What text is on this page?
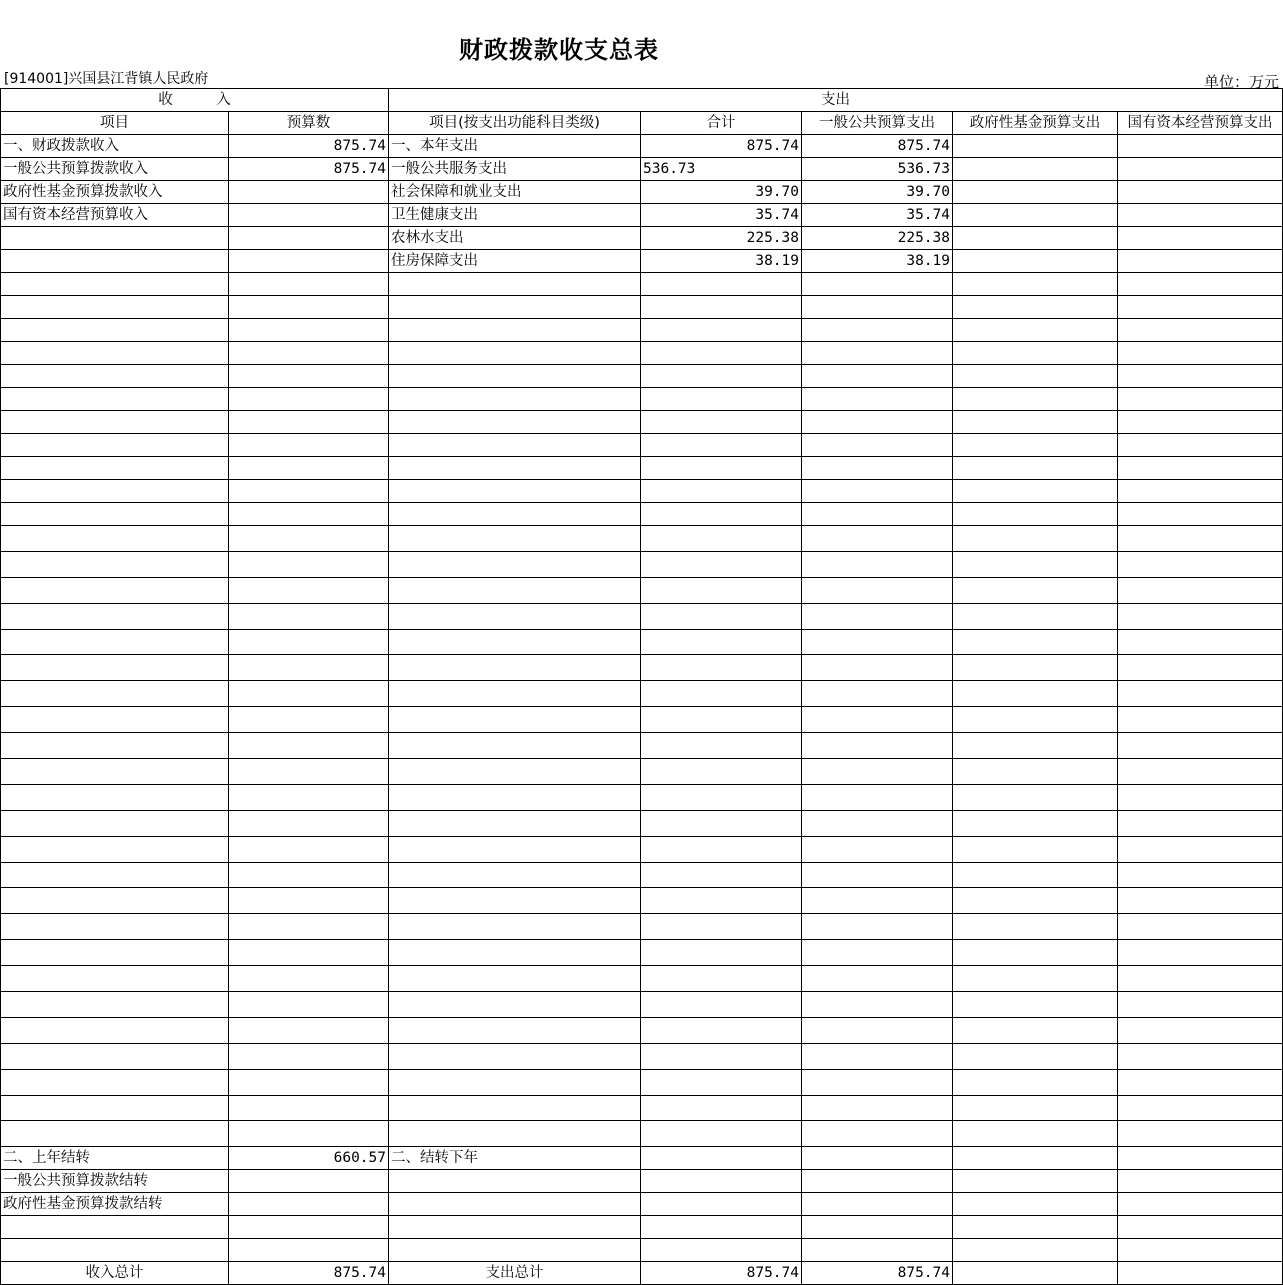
财政拨款收支总表
[914001]兴国县江背镇人民政府	单位：万元
收　　　入		支出				
项目	预算数	项目(按支出功能科目类级)	合计	一般公共预算支出	政府性基金预算支出	国有资本经营预算支出
一、财政拨款收入	875.74	一、本年支出	875.74	875.74		
一般公共预算拨款收入	875.74	一般公共服务支出	536.73	536.73		
政府性基金预算拨款收入		社会保障和就业支出	39.70	39.70		
国有资本经营预算收入		卫生健康支出	35.74	35.74		
		农林水支出	225.38	225.38		
		住房保障支出	38.19	38.19		

二、上年结转	660.57	二、结转下年				
一般公共预算拨款结转						
政府性基金预算拨款结转						

收入总计	875.74	支出总计	875.74	875.74		
